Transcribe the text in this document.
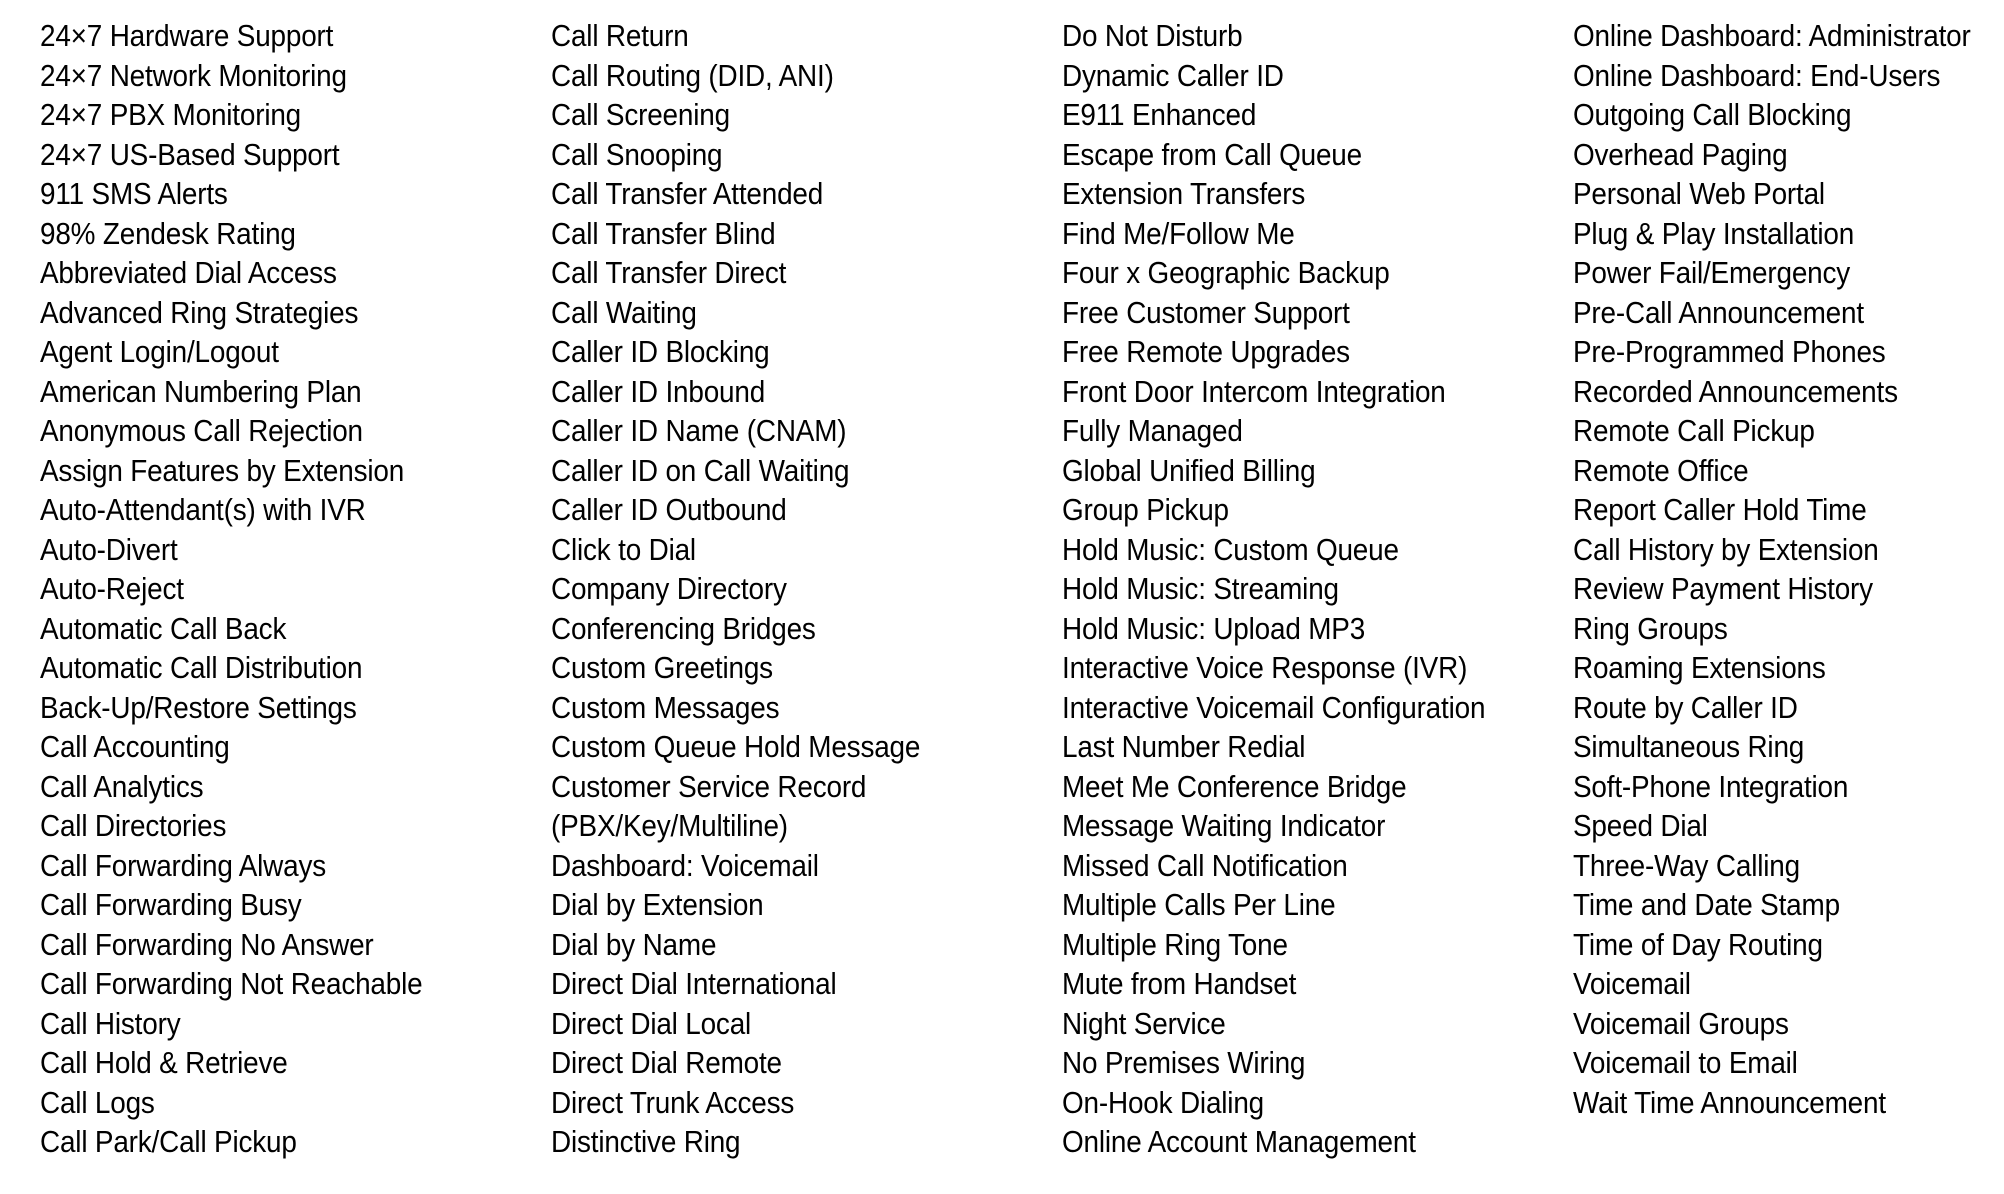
24×7 Hardware Support
24×7 Network Monitoring
24×7 PBX Monitoring
24×7 US-Based Support
911 SMS Alerts
98% Zendesk Rating
Abbreviated Dial Access
Advanced Ring Strategies
Agent Login/Logout
American Numbering Plan
Anonymous Call Rejection
Assign Features by Extension
Auto-Attendant(s) with IVR
Auto-Divert
Auto-Reject
Automatic Call Back
Automatic Call Distribution
Back-Up/Restore Settings
Call Accounting
Call Analytics
Call Directories
Call Forwarding Always
Call Forwarding Busy
Call Forwarding No Answer
Call Forwarding Not Reachable
Call History
Call Hold & Retrieve
Call Logs
Call Park/Call Pickup
Call Return
Call Routing (DID, ANI)
Call Screening
Call Snooping
Call Transfer Attended
Call Transfer Blind
Call Transfer Direct
Call Waiting
Caller ID Blocking
Caller ID Inbound
Caller ID Name (CNAM)
Caller ID on Call Waiting
Caller ID Outbound
Click to Dial
Company Directory
Conferencing Bridges
Custom Greetings
Custom Messages
Custom Queue Hold Message
Customer Service Record
(PBX/Key/Multiline)
Dashboard: Voicemail
Dial by Extension
Dial by Name
Direct Dial International
Direct Dial Local
Direct Dial Remote
Direct Trunk Access
Distinctive Ring
Do Not Disturb
Dynamic Caller ID
E911 Enhanced
Escape from Call Queue
Extension Transfers
Find Me/Follow Me
Four x Geographic Backup
Free Customer Support
Free Remote Upgrades
Front Door Intercom Integration
Fully Managed
Global Unified Billing
Group Pickup
Hold Music: Custom Queue
Hold Music: Streaming
Hold Music: Upload MP3
Interactive Voice Response (IVR)
Interactive Voicemail Configuration
Last Number Redial
Meet Me Conference Bridge
Message Waiting Indicator
Missed Call Notification
Multiple Calls Per Line
Multiple Ring Tone
Mute from Handset
Night Service
No Premises Wiring
On-Hook Dialing
Online Account Management
Online Dashboard: Administrator
Online Dashboard: End-Users
Outgoing Call Blocking
Overhead Paging
Personal Web Portal
Plug & Play Installation
Power Fail/Emergency
Pre-Call Announcement
Pre-Programmed Phones
Recorded Announcements
Remote Call Pickup
Remote Office
Report Caller Hold Time
Call History by Extension
Review Payment History
Ring Groups
Roaming Extensions
Route by Caller ID
Simultaneous Ring
Soft-Phone Integration
Speed Dial
Three-Way Calling
Time and Date Stamp
Time of Day Routing
Voicemail
Voicemail Groups
Voicemail to Email
Wait Time Announcement
